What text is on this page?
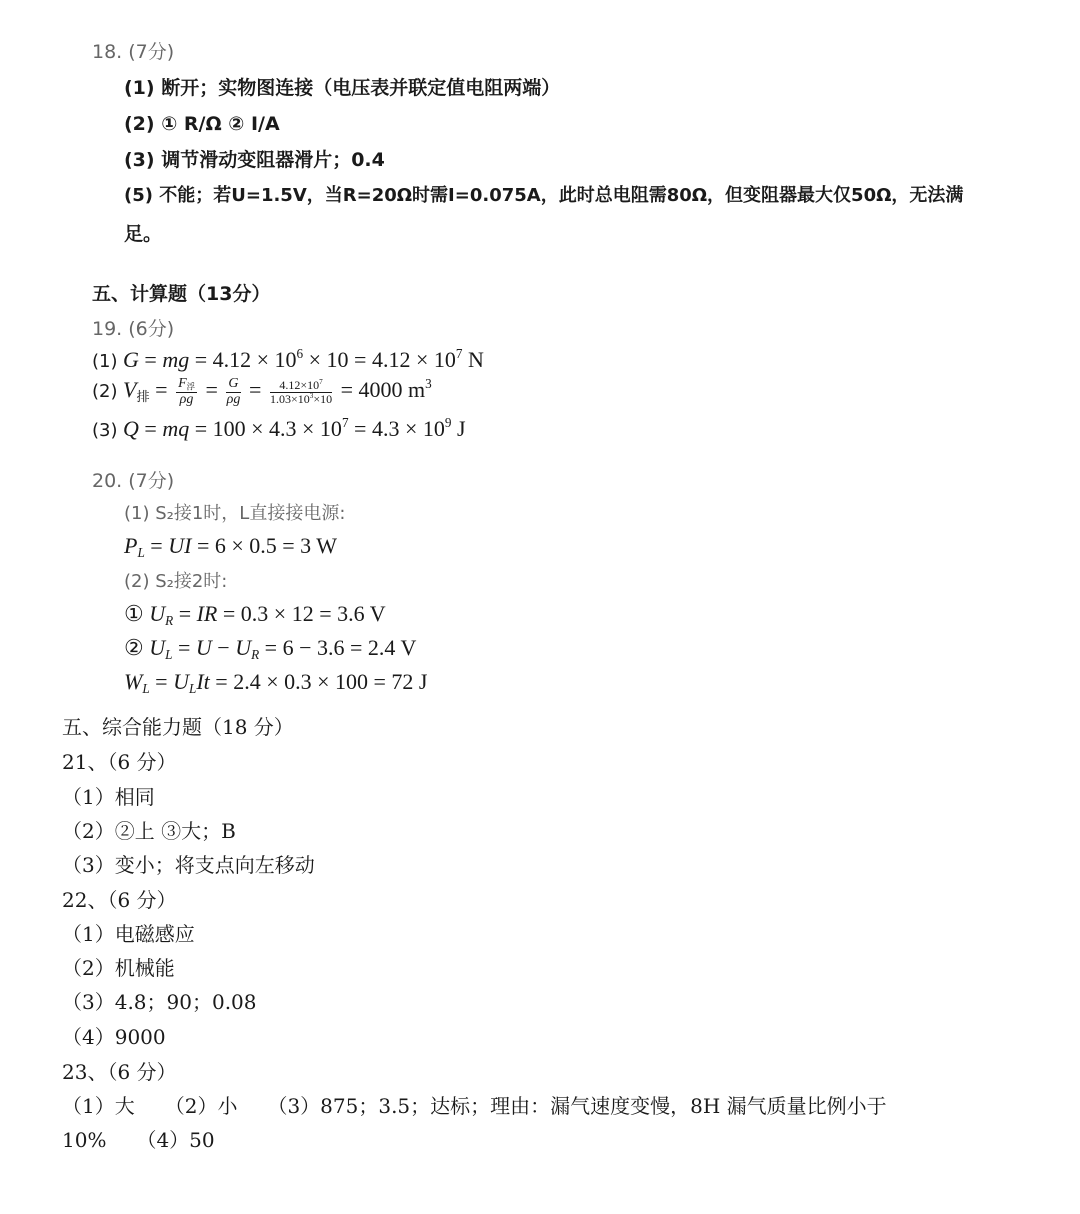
18. (7分)
(1) 断开；实物图连接（电压表并联定值电阻两端）
(2) ① R/Ω ② I/A
(3) 调节滑动变阻器滑片；0.4
(5) 不能；若U=1.5V，当R=20Ω时需I=0.075A，此时总电阻需80Ω，但变阻器最大仅50Ω，无法满
足。
五、计算题（13分）
19. (6分)
(1) G = mg = $4.12 \times 10^6 \times 10 = 4.12 \times 10^7$ N
(2) $V_排 = \frac{F_浮}{\rho g} = \frac{G}{\rho g} = \frac{4.12\times 10^7}{1.03\times 10^3\times 10} = 4000$ $m^3$
(3) Q = mq = $100 \times 4.3 \times 10^7 = 4.3 \times 10^9$ J
20. (7分)
(1) S₂接1时，L直接接电源:
$P_L$ = UI = 6 × 0.5 = 3 W
(2) S₂接2时:
① $U_R$ = IR = 0.3 × 12 = 3.6 V
② $U_L = U - U_R = 6 - 3.6 = 2.4$ V
$W_L = U_LIt = 2.4 \times 0.3 \times 100 = 72$ J
五、综合能力题（18 分）
21、（6 分）
（1）相同
（2）②上 ③大；B
（3）变小；将支点向左移动
22、（6 分）
（1）电磁感应
（2）机械能
（3）4.8；90；0.08
（4）9000
23、（6 分）
（1）大　　（2）小　　（3）875；3.5；达标；理由：漏气速度变慢，8H 漏气质量比例小于
10%　　（4）50
